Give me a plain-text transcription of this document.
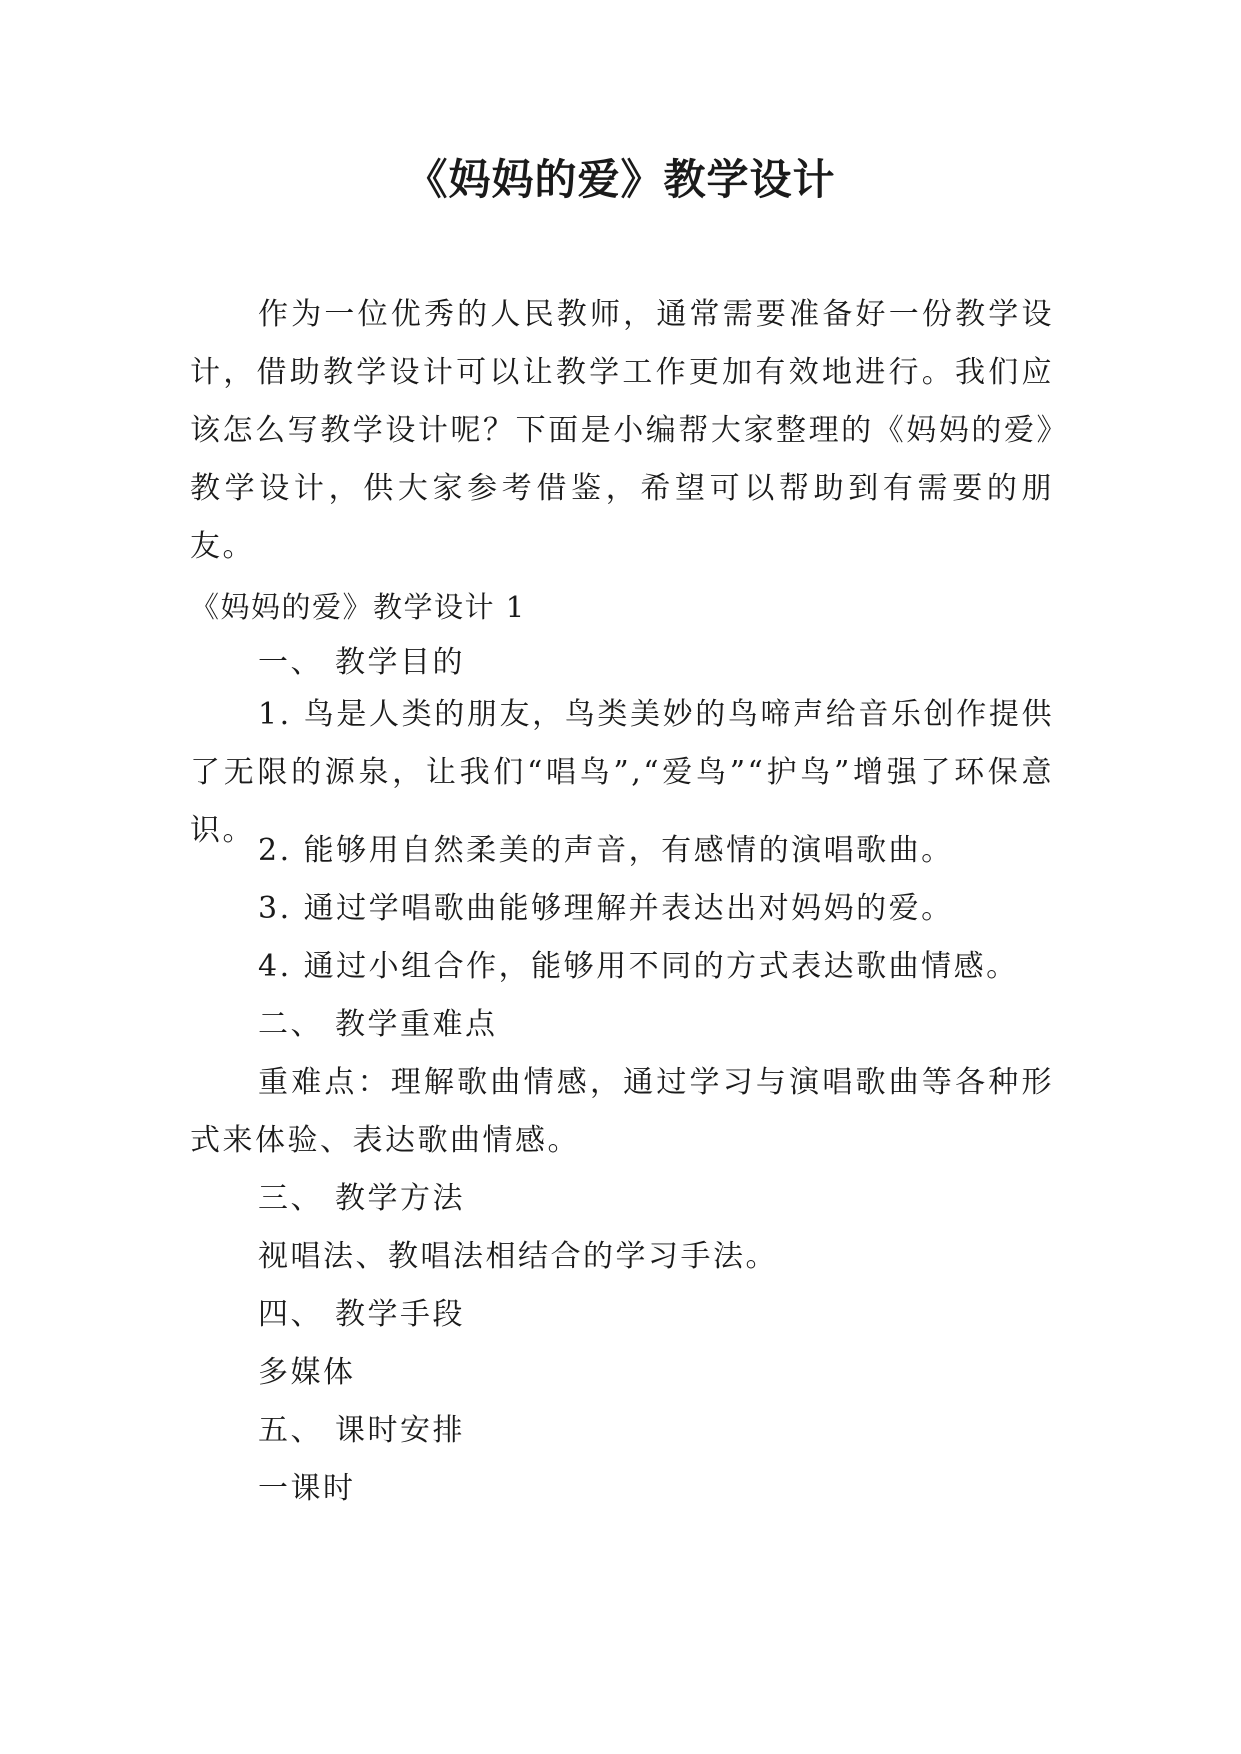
《妈妈的爱》教学设计

作为一位优秀的人民教师，通常需要准备好一份教学设计，借助教学设计可以让教学工作更加有效地进行。我们应该怎么写教学设计呢？下面是小编帮大家整理的《妈妈的爱》教学设计，供大家参考借鉴，希望可以帮助到有需要的朋友。

《妈妈的爱》教学设计 1

一、 教学目的

1. 鸟是人类的朋友，鸟类美妙的鸟啼声给音乐创作提供了无限的源泉，让我们“唱鸟”,“爱鸟”“护鸟”增强了环保意识。

2. 能够用自然柔美的声音，有感情的演唱歌曲。

3. 通过学唱歌曲能够理解并表达出对妈妈的爱。

4. 通过小组合作，能够用不同的方式表达歌曲情感。

二、 教学重难点

重难点：理解歌曲情感，通过学习与演唱歌曲等各种形式来体验、表达歌曲情感。

三、 教学方法

视唱法、教唱法相结合的学习手法。

四、 教学手段

多媒体

五、 课时安排

一课时
